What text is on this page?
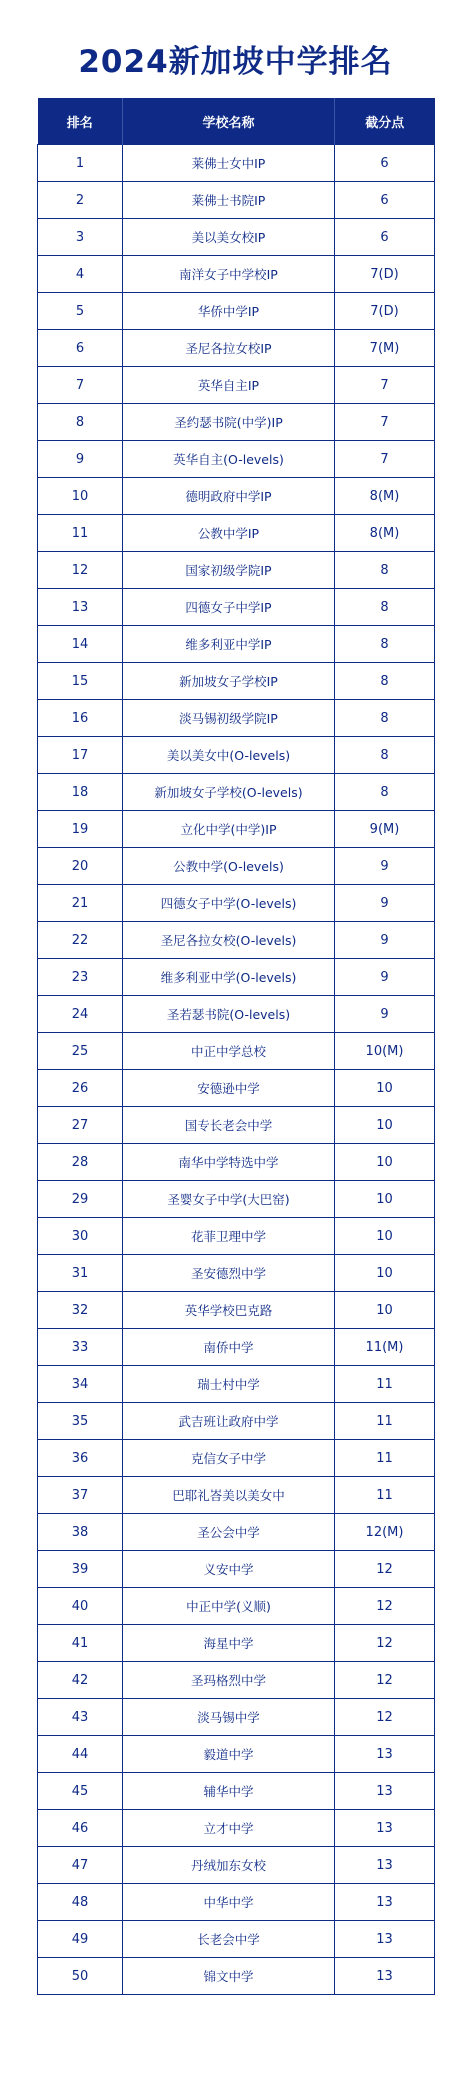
2024新加坡中学排名
排名	学校名称	截分点
1	莱佛士女中IP	6
2	莱佛士书院IP	6
3	美以美女校IP	6
4	南洋女子中学校IP	7(D)
5	华侨中学IP	7(D)
6	圣尼各拉女校IP	7(M)
7	英华自主IP	7
8	圣约瑟书院(中学)IP	7
9	英华自主(O-levels)	7
10	德明政府中学IP	8(M)
11	公教中学IP	8(M)
12	国家初级学院IP	8
13	四德女子中学IP	8
14	维多利亚中学IP	8
15	新加坡女子学校IP	8
16	淡马锡初级学院IP	8
17	美以美女中(O-levels)	8
18	新加坡女子学校(O-levels)	8
19	立化中学(中学)IP	9(M)
20	公教中学(O-levels)	9
21	四德女子中学(O-levels)	9
22	圣尼各拉女校(O-levels)	9
23	维多利亚中学(O-levels)	9
24	圣若瑟书院(O-levels)	9
25	中正中学总校	10(M)
26	安德逊中学	10
27	国专长老会中学	10
28	南华中学特选中学	10
29	圣婴女子中学(大巴窑)	10
30	花菲卫理中学	10
31	圣安德烈中学	10
32	英华学校巴克路	10
33	南侨中学	11(M)
34	瑞士村中学	11
35	武吉班让政府中学	11
36	克信女子中学	11
37	巴耶礼峇美以美女中	11
38	圣公会中学	12(M)
39	义安中学	12
40	中正中学(义顺)	12
41	海星中学	12
42	圣玛格烈中学	12
43	淡马锡中学	12
44	毅道中学	13
45	辅华中学	13
46	立才中学	13
47	丹绒加东女校	13
48	中华中学	13
49	长老会中学	13
50	锦文中学	13
